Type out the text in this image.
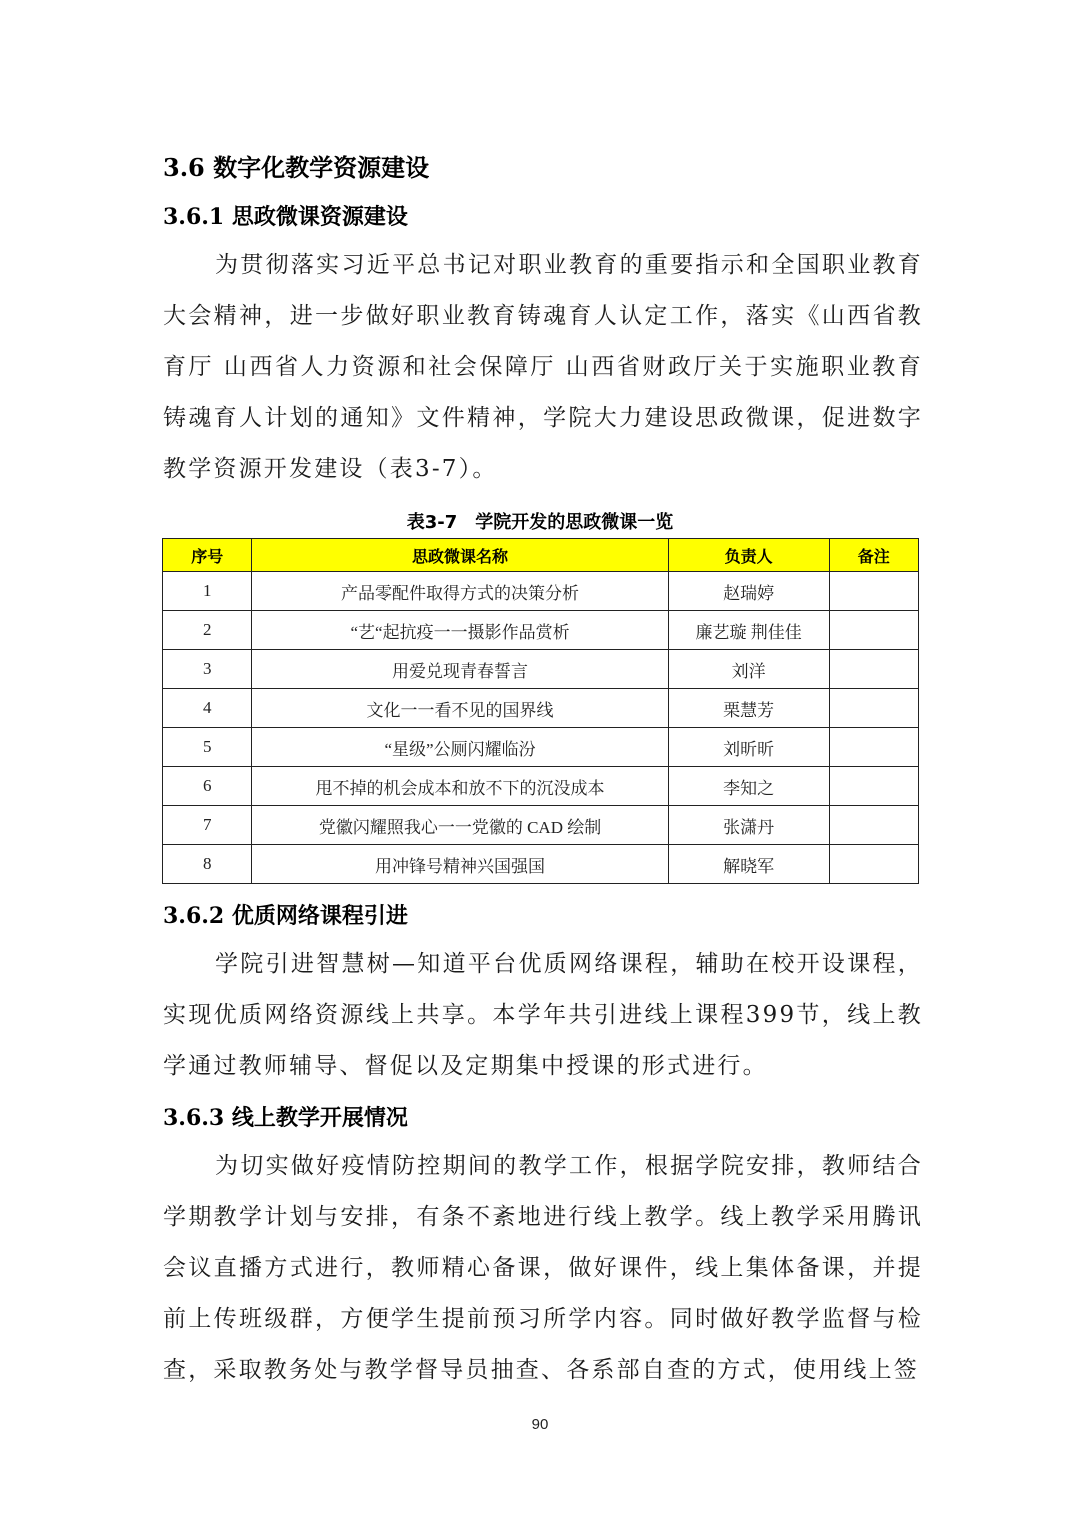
3.6 数字化教学资源建设
3.6.1 思政微课资源建设

为贯彻落实习近平总书记对职业教育的重要指示和全国职业教育大会精神，进一步做好职业教育铸魂育人认定工作，落实《山西省教育厅 山西省人力资源和社会保障厅 山西省财政厅关于实施职业教育铸魂育人计划的通知》文件精神，学院大力建设思政微课，促进数字教学资源开发建设（表3-7）。

表3-7　学院开发的思政微课一览
序号	思政微课名称	负责人	备注
1	产品零配件取得方式的决策分析	赵瑞婷	
2	“艺“起抗疫一一摄影作品赏析	廉艺璇 荆佳佳	
3	用爱兑现青春誓言	刘洋	
4	文化一一看不见的国界线	栗慧芳	
5	“星级”公厕闪耀临汾	刘昕昕	
6	甩不掉的机会成本和放不下的沉没成本	李知之	
7	党徽闪耀照我心一一党徽的 CAD 绘制	张潇丹	
8	用冲锋号精神兴国强国	解晓军	
3.6.2 优质网络课程引进

学院引进智慧树—知道平台优质网络课程，辅助在校开设课程，实现优质网络资源线上共享。本学年共引进线上课程399节，线上教学通过教师辅导、督促以及定期集中授课的形式进行。

3.6.3 线上教学开展情况

为切实做好疫情防控期间的教学工作，根据学院安排，教师结合学期教学计划与安排，有条不紊地进行线上教学。线上教学采用腾讯会议直播方式进行，教师精心备课，做好课件，线上集体备课，并提前上传班级群，方便学生提前预习所学内容。同时做好教学监督与检查，采取教务处与教学督导员抽查、各系部自查的方式，使用线上签

90
